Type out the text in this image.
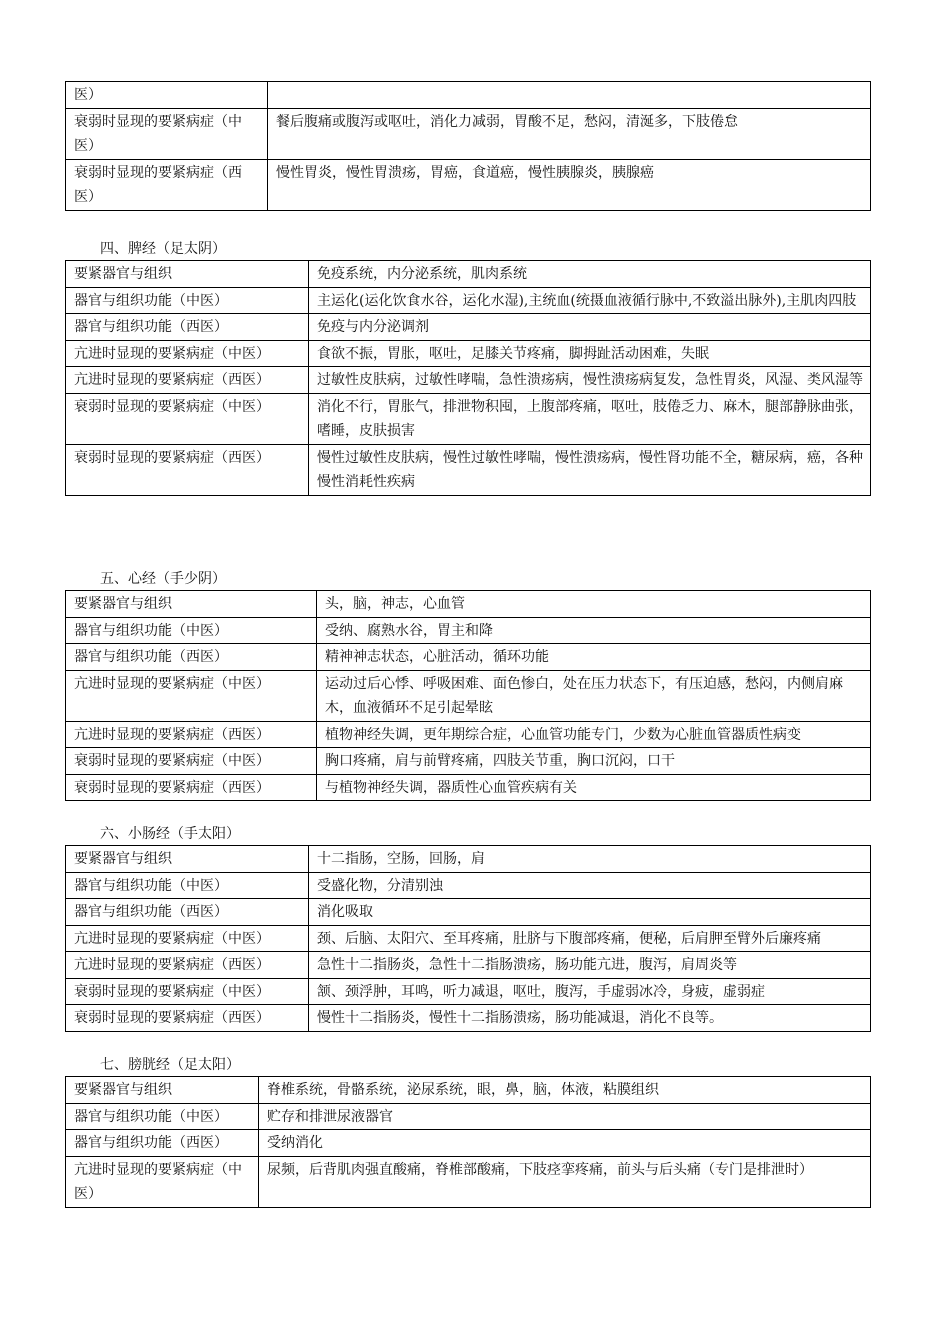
医）	
衰弱时显现的要紧病症（中医）	餐后腹痛或腹泻或呕吐，消化力减弱，胃酸不足，愁闷，清涎多，下肢倦怠
衰弱时显现的要紧病症（西医）	慢性胃炎，慢性胃溃疡，胃癌，食道癌，慢性胰腺炎，胰腺癌
四、脾经（足太阴）
要紧器官与组织	免疫系统，内分泌系统，肌肉系统
器官与组织功能（中医）	主运化(运化饮食水谷，运化水湿),主统血(统摄血液循行脉中,不致溢出脉外),主肌肉四肢
器官与组织功能（西医）	免疫与内分泌调剂
亢进时显现的要紧病症（中医）	食欲不振，胃胀，呕吐，足膝关节疼痛，脚拇趾活动困难，失眠
亢进时显现的要紧病症（西医）	过敏性皮肤病，过敏性哮喘，急性溃疡病，慢性溃疡病复发，急性胃炎，风湿、类风湿等
衰弱时显现的要紧病症（中医）	消化不行，胃胀气，排泄物积囤，上腹部疼痛，呕吐，肢倦乏力、麻木，腿部静脉曲张，嗜睡，皮肤损害
衰弱时显现的要紧病症（西医）	慢性过敏性皮肤病，慢性过敏性哮喘，慢性溃疡病，慢性肾功能不全，糖尿病，癌，各种慢性消耗性疾病
五、心经（手少阴）
要紧器官与组织	头，脑，神志，心血管
器官与组织功能（中医）	受纳、腐熟水谷，胃主和降
器官与组织功能（西医）	精神神志状态，心脏活动，循环功能
亢进时显现的要紧病症（中医）	运动过后心悸、呼吸困难、面色惨白，处在压力状态下，有压迫感，愁闷，内侧肩麻木，血液循环不足引起晕眩
亢进时显现的要紧病症（西医）	植物神经失调，更年期综合症，心血管功能专门，少数为心脏血管器质性病变
衰弱时显现的要紧病症（中医）	胸口疼痛，肩与前臂疼痛，四肢关节重，胸口沉闷，口干
衰弱时显现的要紧病症（西医）	与植物神经失调，器质性心血管疾病有关
六、小肠经（手太阳）
要紧器官与组织	十二指肠，空肠，回肠，肩
器官与组织功能（中医）	受盛化物，分清别浊
器官与组织功能（西医）	消化吸取
亢进时显现的要紧病症（中医）	颈、后脑、太阳穴、至耳疼痛，肚脐与下腹部疼痛，便秘，后肩胛至臂外后廉疼痛
亢进时显现的要紧病症（西医）	急性十二指肠炎，急性十二指肠溃疡，肠功能亢进，腹泻，肩周炎等
衰弱时显现的要紧病症（中医）	颔、颈浮肿，耳鸣，听力减退，呕吐，腹泻，手虚弱冰冷，身疲，虚弱症
衰弱时显现的要紧病症（西医）	慢性十二指肠炎，慢性十二指肠溃疡，肠功能减退，消化不良等。
七、膀胱经（足太阳）
要紧器官与组织	脊椎系统，骨骼系统，泌尿系统，眼，鼻，脑，体液，粘膜组织
器官与组织功能（中医）	贮存和排泄尿液器官
器官与组织功能（西医）	受纳消化
亢进时显现的要紧病症（中医）	尿频，后背肌肉强直酸痛，脊椎部酸痛，下肢痉挛疼痛，前头与后头痛（专门是排泄时）
